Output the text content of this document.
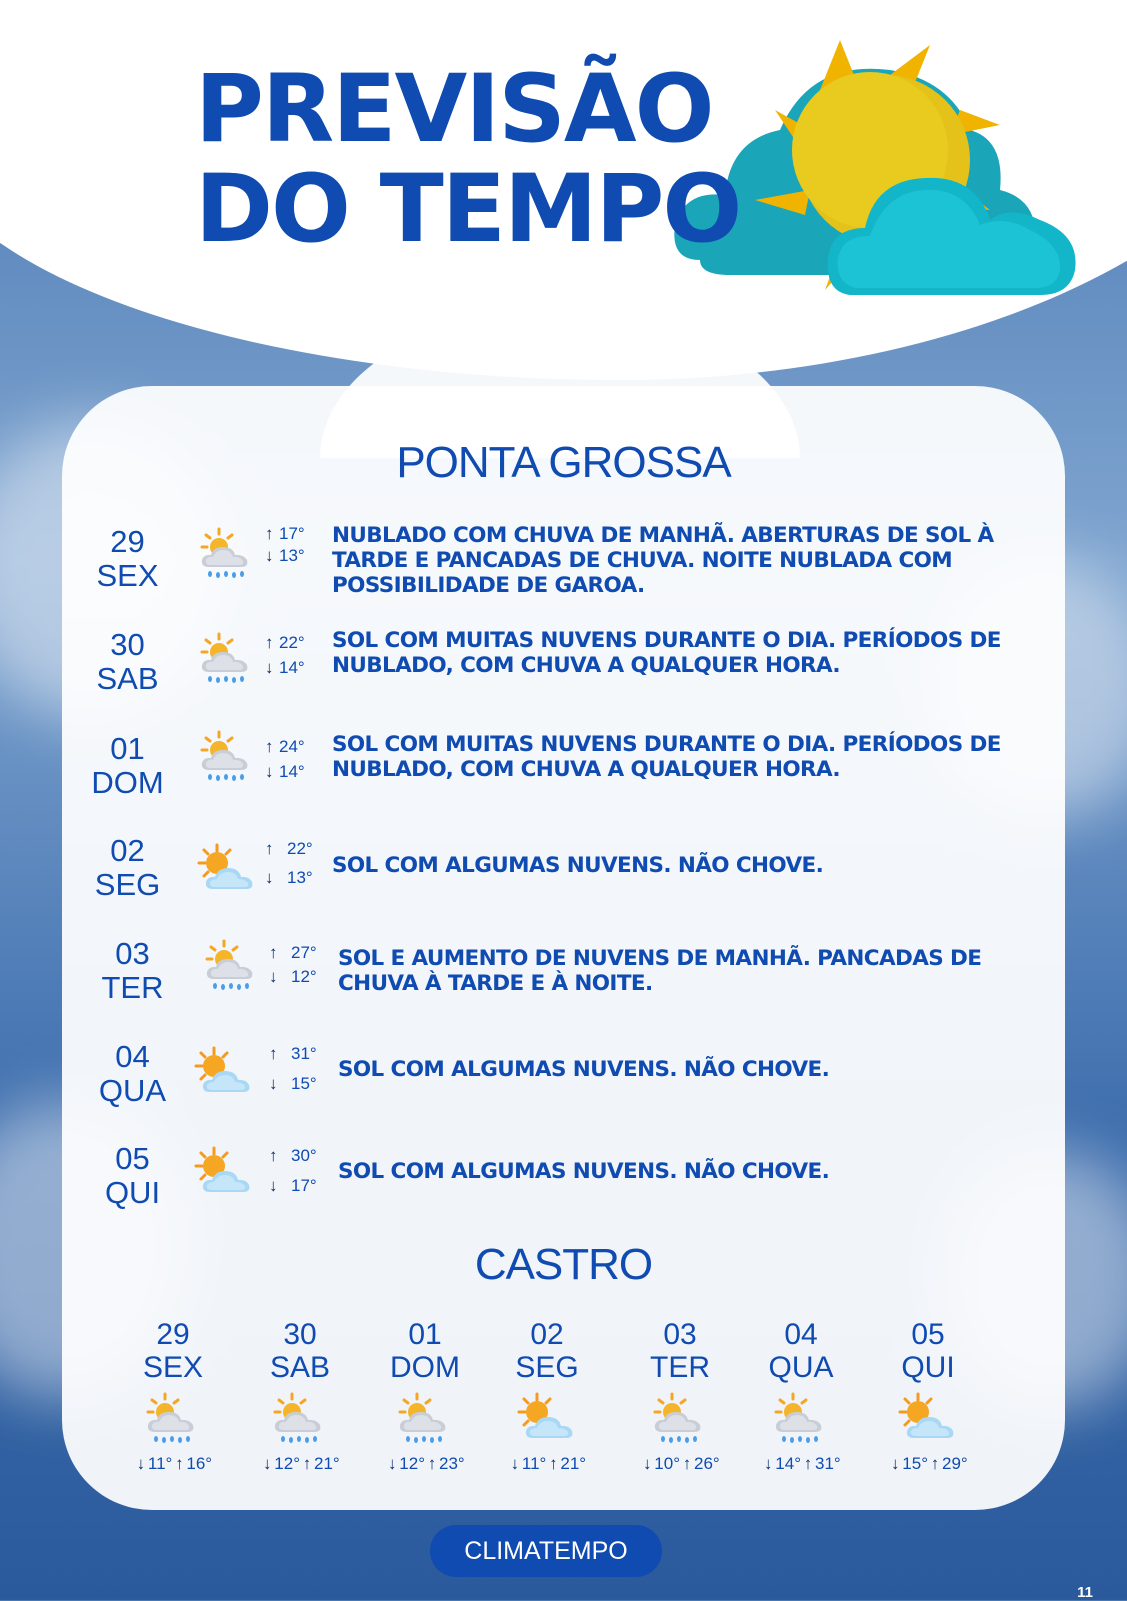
PREVISÃO
DO TEMPO
PONTA GROSSA
29
SEX
↑ 17°
↓ 13°
NUBLADO COM CHUVA DE MANHÃ. ABERTURAS DE SOL À TARDE E PANCADAS DE CHUVA. NOITE NUBLADA COM POSSIBILIDADE DE GAROA.
30
SAB
↑ 22°
↓ 14°
SOL COM MUITAS NUVENS DURANTE O DIA. PERÍODOS DE NUBLADO, COM CHUVA A QUALQUER HORA.
01
DOM
↑ 24°
↓ 14°
SOL COM MUITAS NUVENS DURANTE O DIA. PERÍODOS DE NUBLADO, COM CHUVA A QUALQUER HORA.
02
SEG
↑ 22°
↓ 13° SOL COM ALGUMAS NUVENS. NÃO CHOVE.
03
TER
↑ 27°
↓ 12°
SOL E AUMENTO DE NUVENS DE MANHÃ. PANCADAS DE CHUVA À TARDE E À NOITE.
04
QUA
↑ 31°
↓ 15°
SOL COM ALGUMAS NUVENS. NÃO CHOVE.
05
QUI
↑ 30°
↓ 17°
SOL COM ALGUMAS NUVENS. NÃO CHOVE.
CASTRO
29
SEX
↓ 11° ↑ 16°
30
SAB
↓ 12° ↑ 21°
01
DOM
↓ 12° ↑ 23°
02
SEG
↓ 11° ↑ 21°
03
TER
↓ 10° ↑ 26°
04
QUA
↓ 14° ↑ 31°
05
QUI
↓ 15° ↑ 29°
CLIMATEMPO
11
